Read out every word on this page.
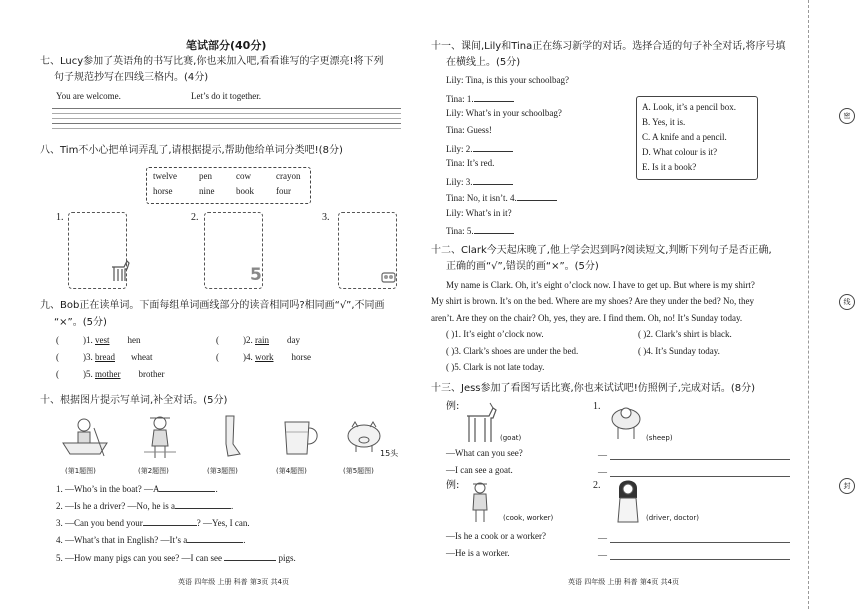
密
线
封
笔试部分(40分)
七、Lucy参加了英语角的书写比赛,你也来加入吧,看看谁写的字更漂亮!将下列
句子规范抄写在四线三格内。(4分)
You are welcome.	Let’s do it together.
八、Tim不小心把单词弄乱了,请根据提示,帮助他给单词分类吧!(8分)
twelve pen	cow	crayon
horse	nine book four
1.	2.
5
3.
九、Bob正在读单词。下面每组单词画线部分的读音相同吗?相同画“√”,不同画
“×”。(5分)
(	)1. vest hen	(	)2. rain day
(	)3. bread wheat	(	)4. work horse
(	)5. mother brother
十、根据图片提示写单词,补全对话。(5分)
15头
(第1题图)	(第2题图)	(第3题图)	(第4题图)	(第5题图)
1. —Who’s in the boat? —A	.
2. —Is he a driver? —No, he is a	.
3. —Can you bend your	? —Yes, I can.
4. —What’s that in English? —It’s a	.
5. —How many pigs can you see? —I can see	pigs.
英语 四年级 上册 科普 第3页 共4页
十一、课间,Lily和Tina正在练习新学的对话。选择合适的句子补全对话,将序号填
在横线上。(5分)
Lily: Tina, is this your schoolbag?
Tina: 1.
Lily: What’s in your schoolbag?
Tina: Guess!
Lily: 2.
Tina: It’s red.
Lily: 3.
Tina: No, it isn’t. 4.
Lily: What’s in it?
Tina: 5.
A. Look, it’s a pencil box.
B. Yes, it is.
C. A knife and a pencil.
D. What colour is it?
E. Is it a book?
十二、Clark今天起床晚了,他上学会迟到吗?阅读短文,判断下列句子是否正确,
正确的画“√”,错误的画“×”。(5分)
My name is Clark. Oh, it’s eight o’clock now. I have to get up. But where is my shirt?
My shirt is brown. It’s on the bed. Where are my shoes? Are they under the bed? No, they
aren’t. Are they on the chair? Oh, yes, they are. I find them. Oh, no! It’s Sunday today.
( )1. It’s eight o’clock now.	( )2. Clark’s shirt is black.
( )3. Clark’s shoes are under the bed.	( )4. It’s Sunday today.
( )5. Clark is not late today.
十三、Jess参加了看图写话比赛,你也来试试吧!仿照例子,完成对话。(8分)
例:
(goat)
—What can you see?
—I can see a goat.
1.
(sheep)
—
—
例:
(cook, worker)
—Is he a cook or a worker?
—He is a worker.
2.
(driver, doctor)
—
—
英语 四年级 上册 科普 第4页 共4页
